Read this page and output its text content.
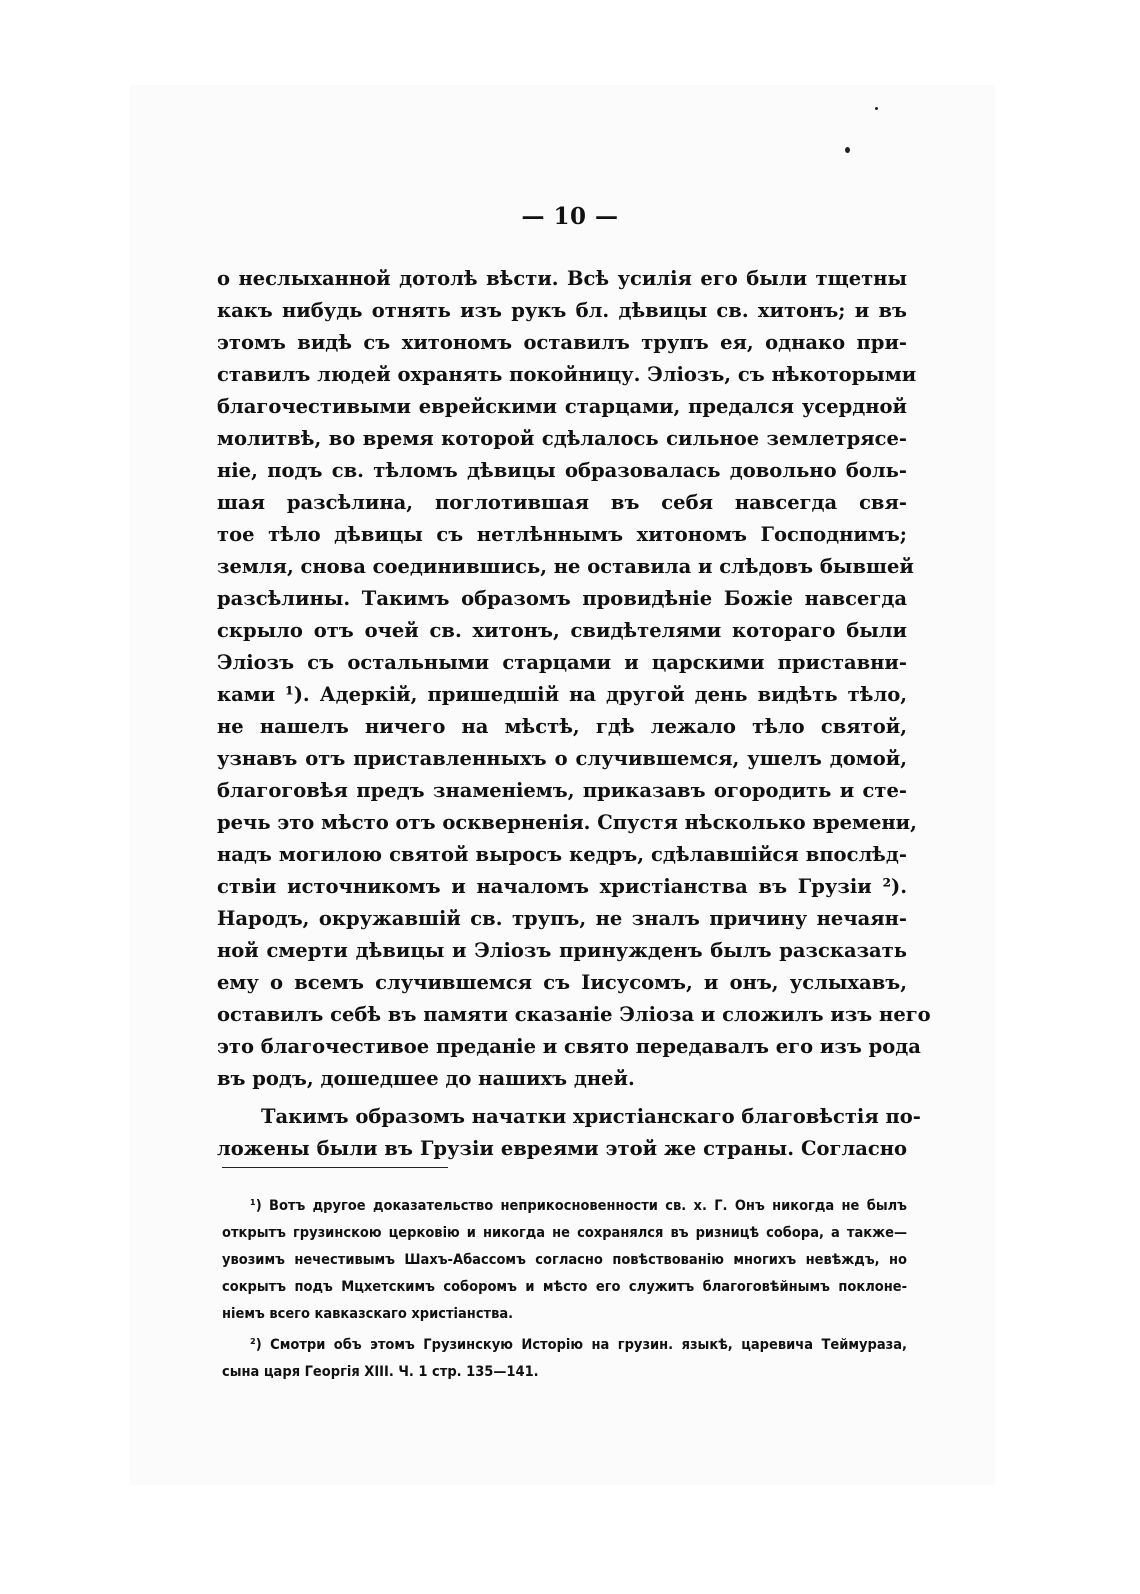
— 10 —
о неслыханной дотолѣ вѣсти. Всѣ усилія его были тщетны
какъ нибудь отнять изъ рукъ бл. дѣвицы св. хитонъ; и въ
этомъ видѣ съ хитономъ оставилъ трупъ ея, однако при-
ставилъ людей охранять покойницу. Эліозъ, съ нѣкоторыми
благочестивыми еврейскими старцами, предался усердной
молитвѣ, во время которой сдѣлалось сильное землетрясе-
ніе, подъ св. тѣломъ дѣвицы образовалась довольно боль-
шая разсѣлина, поглотившая въ себя навсегда свя-
тое тѣло дѣвицы съ нетлѣннымъ хитономъ Господнимъ;
земля, снова соединившись, не оставила и слѣдовъ бывшей
разсѣлины. Такимъ образомъ провидѣніе Божіе навсегда
скрыло отъ очей св. хитонъ, свидѣтелями котораго были
Эліозъ съ остальными старцами и царскими приставни-
ками ¹). Адеркій, пришедшій на другой день видѣть тѣло,
не нашелъ ничего на мѣстѣ, гдѣ лежало тѣло святой,
узнавъ отъ приставленныхъ о случившемся, ушелъ домой,
благоговѣя предъ знаменіемъ, приказавъ огородить и сте-
речь это мѣсто отъ оскверненія. Спустя нѣсколько времени,
надъ могилою святой выросъ кедръ, сдѣлавшійся впослѣд-
ствіи источникомъ и началомъ христіанства въ Грузіи ²).
Народъ, окружавшій св. трупъ, не зналъ причину нечаян-
ной смерти дѣвицы и Эліозъ принужденъ былъ разсказать
ему о всемъ случившемся съ Іисусомъ, и онъ, услыхавъ,
оставилъ себѣ въ памяти сказаніе Эліоза и сложилъ изъ него
это благочестивое преданіе и свято передавалъ его изъ рода
въ родъ, дошедшее до нашихъ дней.
Такимъ образомъ начатки христіанскаго благовѣстія по-
ложены были въ Грузіи евреями этой же страны. Согласно
¹) Вотъ другое доказательство неприкосновенности св. х. Г. Онъ никогда не былъ
открытъ грузинскою церковію и никогда не сохранялся въ ризницѣ собора, а также—
увозимъ нечестивымъ Шахъ-Абассомъ согласно повѣствованію многихъ невѣждъ, но
сокрытъ подъ Мцхетскимъ соборомъ и мѣсто его служитъ благоговѣйнымъ поклоне-
ніемъ всего кавказскаго христіанства.
²) Смотри объ этомъ Грузинскую Исторію на грузин. языкѣ, царевича Теймураза,
сына царя Георгія XIII. Ч. 1 стр. 135—141.
